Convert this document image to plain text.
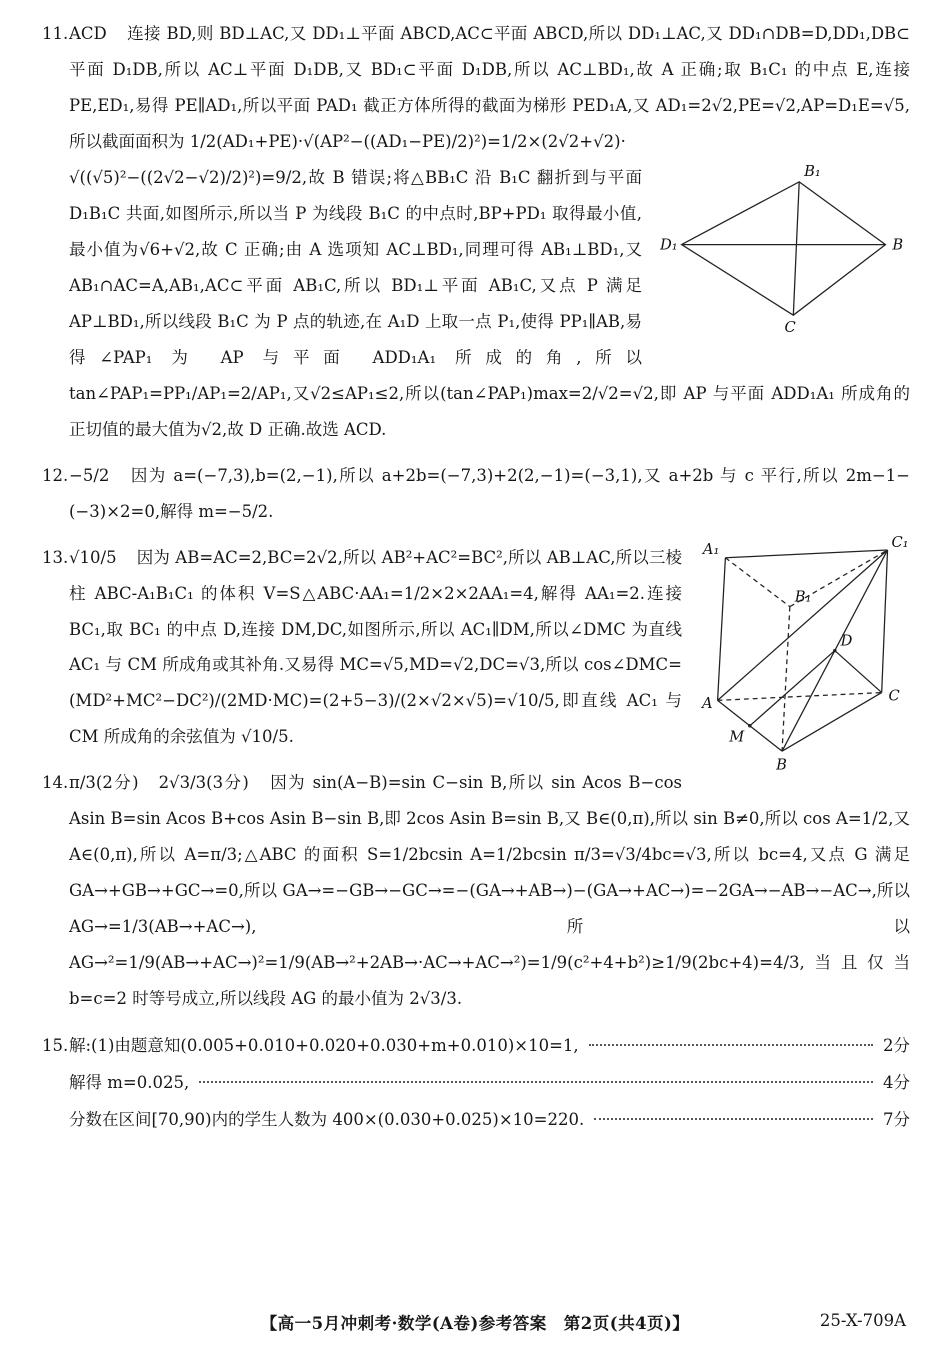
11.ACD 连接 BD,则 BD⊥AC,又 DD₁⊥平面 ABCD,AC⊂平面 ABCD,所以 DD₁⊥AC,又 DD₁∩DB=D,DD₁,DB⊂平面 D₁DB,所以 AC⊥平面 D₁DB,又 BD₁⊂平面 D₁DB,所以 AC⊥BD₁,故 A 正确;取 B₁C₁ 的中点 E,连接 PE,ED₁,易得 PE∥AD₁,所以平面 PAD₁ 截正方体所得的截面为梯形 PED₁A,又 AD₁=2√2,PE=√2,AP=D₁E=√5,所以截面面积为 1/2(AD₁+PE)·√(AP²−((AD₁−PE)/2)²)=1/2×(2√2+√2)·

B₁
D₁	B
C
√((√5)²−((2√2−√2)/2)²)=9/2,故 B 错误;将△BB₁C 沿 B₁C 翻折到与平面 D₁B₁C 共面,如图所示,所以当 P 为线段 B₁C 的中点时,BP+PD₁ 取得最小值,最小值为√6+√2,故 C 正确;由 A 选项知 AC⊥BD₁,同理可得 AB₁⊥BD₁,又 AB₁∩AC=A,AB₁,AC⊂平面 AB₁C,所以 BD₁⊥平面 AB₁C,又点 P 满足 AP⊥BD₁,所以线段 B₁C 为 P 点的轨迹,在 A₁D 上取一点 P₁,使得 PP₁∥AB,易得∠PAP₁ 为 AP 与平面 ADD₁A₁ 所成的角,所以 tan∠PAP₁=PP₁/AP₁=2/AP₁,又√2≤AP₁≤2,所以(tan∠PAP₁)max=2/√2=√2,即 AP 与平面 ADD₁A₁ 所成角的正切值的最大值为√2,故 D 正确.故选 ACD.

12.−5/2 因为 a=(−7,3),b=(2,−1),所以 a+2b=(−7,3)+2(2,−1)=(−3,1),又 a+2b 与 c 平行,所以 2m−1−(−3)×2=0,解得 m=−5/2.

A₁	C₁
B₁
D
A	C
M
B
13.√10/5 因为 AB=AC=2,BC=2√2,所以 AB²+AC²=BC²,所以 AB⊥AC,所以三棱柱 ABC-A₁B₁C₁ 的体积 V=S△ABC·AA₁=1/2×2×2AA₁=4,解得 AA₁=2.连接 BC₁,取 BC₁ 的中点 D,连接 DM,DC,如图所示,所以 AC₁∥DM,所以∠DMC 为直线 AC₁ 与 CM 所成角或其补角.又易得 MC=√5,MD=√2,DC=√3,所以 cos∠DMC=(MD²+MC²−DC²)/(2MD·MC)=(2+5−3)/(2×√2×√5)=√10/5,即直线 AC₁ 与 CM 所成角的余弦值为 √10/5.

14.π/3(2分) 2√3/3(3分) 因为 sin(A−B)=sin C−sin B,所以 sin Acos B−cos Asin B=sin Acos B+cos Asin B−sin B,即 2cos Asin B=sin B,又 B∈(0,π),所以 sin B≠0,所以 cos A=1/2,又 A∈(0,π),所以 A=π/3;△ABC 的面积 S=1/2bcsin A=1/2bcsin π/3=√3/4bc=√3,所以 bc=4,又点 G 满足 GA→+GB→+GC→=0,所以 GA→=−GB→−GC→=−(GA→+AB→)−(GA→+AC→)=−2GA→−AB→−AC→,所以 AG→=1/3(AB→+AC→),所以 AG→²=1/9(AB→+AC→)²=1/9(AB→²+2AB→·AC→+AC→²)=1/9(c²+4+b²)≥1/9(2bc+4)=4/3,当且仅当 b=c=2 时等号成立,所以线段 AG 的最小值为 2√3/3.

15. 解:(1)由题意知(0.005+0.010+0.020+0.030+m+0.010)×10=1,	2分
解得 m=0.025,	4分
分数在区间[70,90)内的学生人数为 400×(0.030+0.025)×10=220.	7分
【高一5月冲刺考·数学(A卷)参考答案　第2页(共4页)】	25-X-709A
